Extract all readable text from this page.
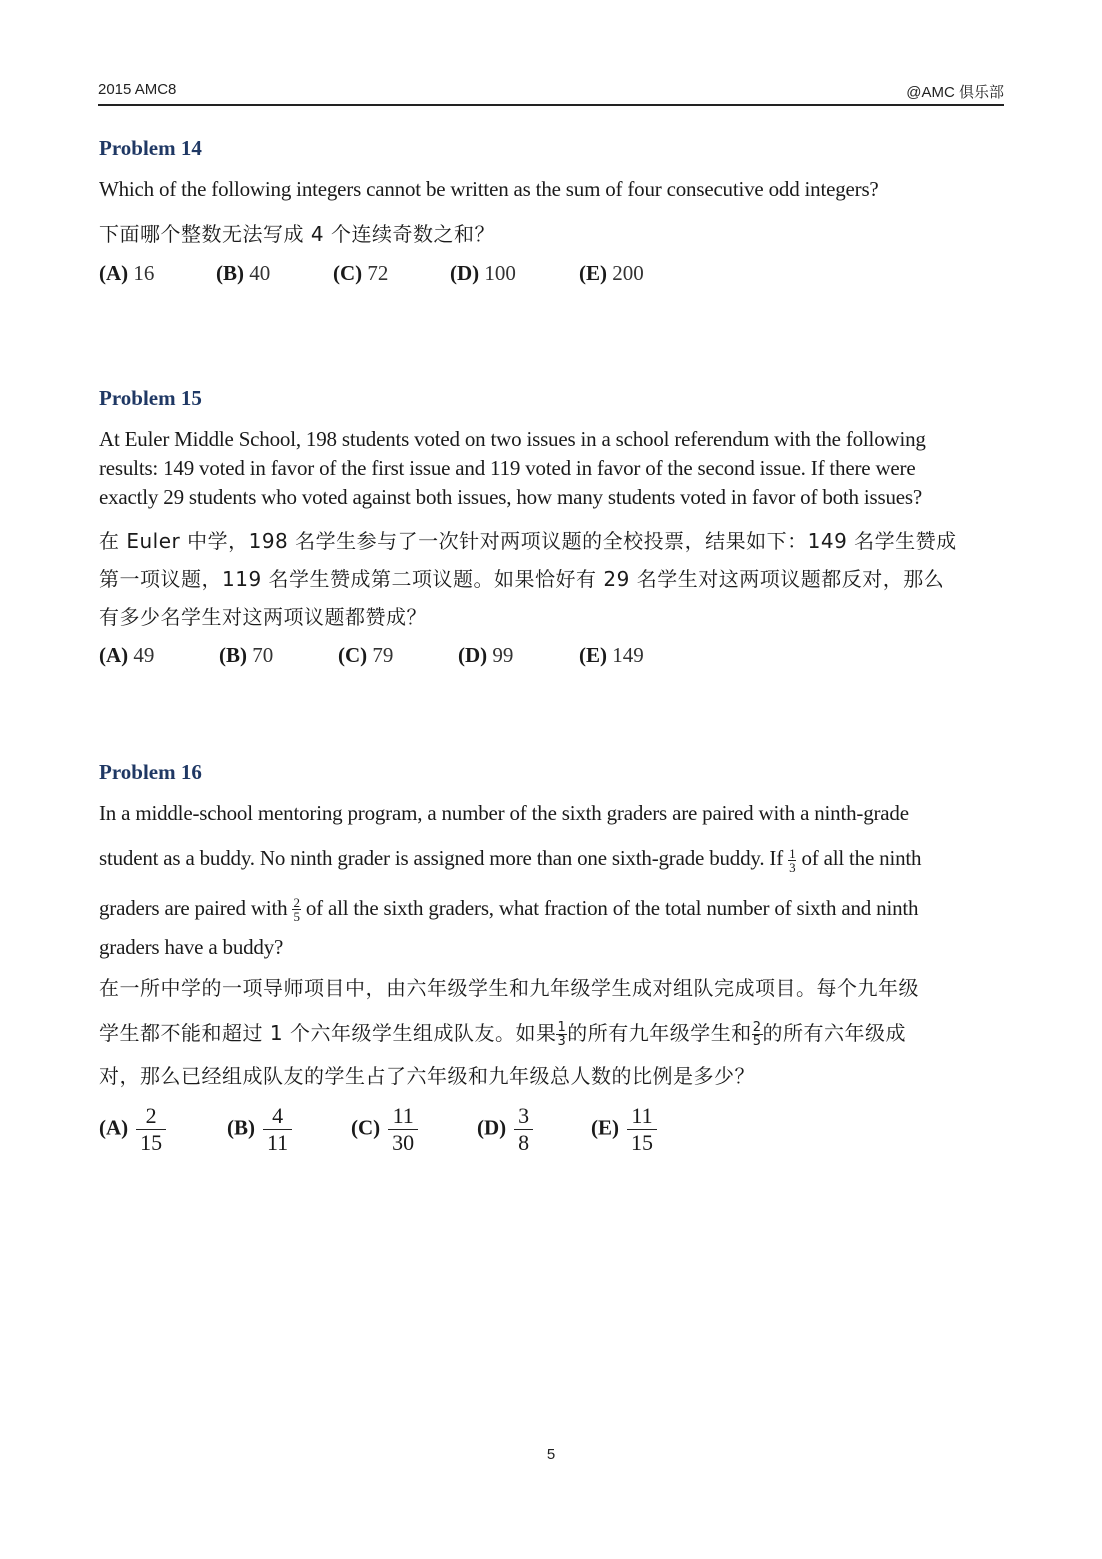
2015 AMC8	@AMC 俱乐部

Problem 14

Which of the following integers cannot be written as the sum of four consecutive odd integers?

下面哪个整数无法写成 4 个连续奇数之和？

(A) 16	(B) 40	(C) 72	(D) 100	(E) 200

Problem 15

At Euler Middle School, 198 students voted on two issues in a school referendum with the following

results: 149 voted in favor of the first issue and 119 voted in favor of the second issue. If there were

exactly 29 students who voted against both issues, how many students voted in favor of both issues?

在 Euler 中学，198 名学生参与了一次针对两项议题的全校投票，结果如下：149 名学生赞成

第一项议题，119 名学生赞成第二项议题。如果恰好有 29 名学生对这两项议题都反对，那么

有多少名学生对这两项议题都赞成？

(A) 49	(B) 70	(C) 79	(D) 99	(E) 149

Problem 16

In a middle-school mentoring program, a number of the sixth graders are paired with a ninth-grade

student as a buddy. No ninth grader is assigned more than one sixth-grade buddy. If $\frac{1}{3}$ of all the ninth

graders are paired with $\frac{2}{5}$ of all the sixth graders, what fraction of the total number of sixth and ninth

graders have a buddy?

在一所中学的一项导师项目中，由六年级学生和九年级学生成对组队完成项目。每个九年级

学生都不能和超过 1 个六年级学生组成队友。如果 $\frac{1}{3}$ 的所有九年级学生和 $\frac{2}{5}$ 的所有六年级成

对，那么已经组成队友的学生占了六年级和九年级总人数的比例是多少？

$(A) \frac{2}{15}$	$(B) \frac{4}{11}$	$(C) \frac{11}{30}$	$(D) \frac{3}{8}$	$(E) \frac{11}{15}$

5
